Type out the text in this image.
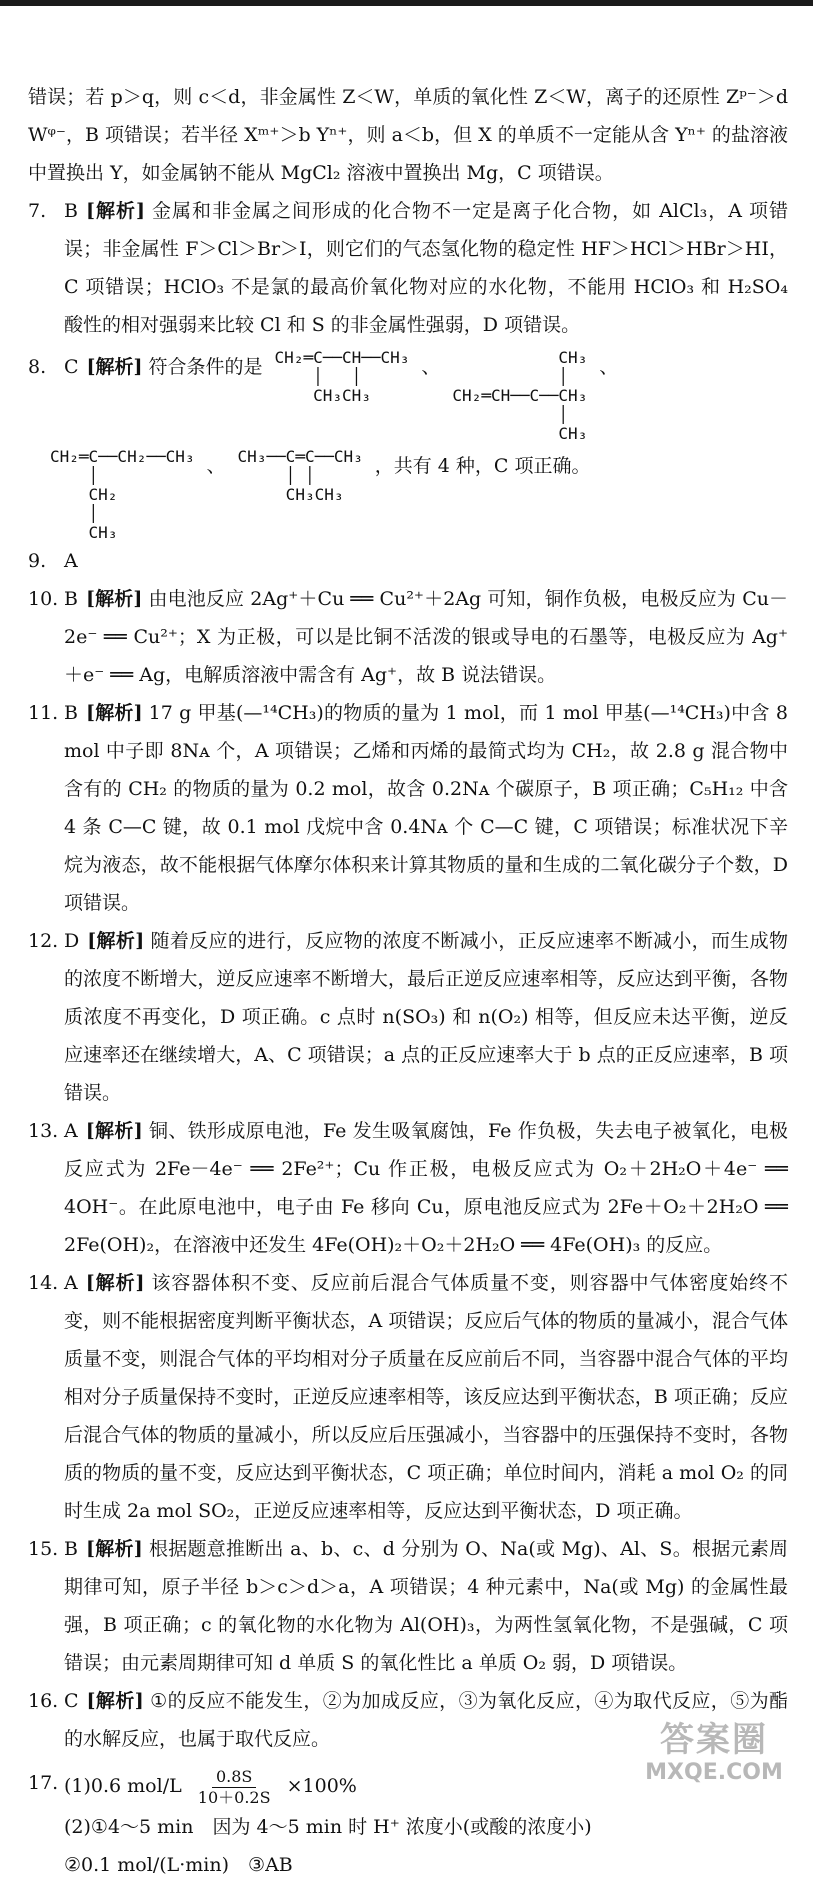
错误；若 p＞q，则 c＜d，非金属性 Z＜W，单质的氧化性 Z＜W，离子的还原性 Zᵖ⁻＞d Wᵠ⁻，B 项错误；若半径 Xᵐ⁺＞b Yⁿ⁺，则 a＜b，但 X 的单质不一定能从含 Yⁿ⁺ 的盐溶液中置换出 Y，如金属钠不能从 MgCl₂ 溶液中置换出 Mg，C 项错误。

7. B [解析] 金属和非金属之间形成的化合物不一定是离子化合物，如 AlCl₃，A 项错误；非金属性 F＞Cl＞Br＞I，则它们的气态氢化物的稳定性 HF＞HCl＞HBr＞HI，C 项错误；HClO₃ 不是氯的最高价氧化物对应的水化物，不能用 HClO₃ 和 H₂SO₄ 酸性的相对强弱来比较 Cl 和 S 的非金属性强弱，D 项错误。
8. C [解析] 符合条件的是 CH₂═C──CH──CH₃
│   │
CH₃CH₃
、	CH₃
│
CH₂═CH──C──CH₃
│
CH₃
、
CH₂═C──CH₂──CH₃
│
CH₂
│
CH₃
、 CH₃──C═C──CH₃
│ │
CH₃CH₃
，共有 4 种，C 项正确。
9. A
10. B [解析] 由电池反应 2Ag⁺＋Cu ══ Cu²⁺＋2Ag 可知，铜作负极，电极反应为 Cu－2e⁻ ══ Cu²⁺；X 为正极，可以是比铜不活泼的银或导电的石墨等，电极反应为 Ag⁺＋e⁻ ══ Ag，电解质溶液中需含有 Ag⁺，故 B 说法错误。
11. B [解析] 17 g 甲基(—¹⁴CH₃)的物质的量为 1 mol，而 1 mol 甲基(—¹⁴CH₃)中含 8 mol 中子即 8Nᴀ 个，A 项错误；乙烯和丙烯的最简式均为 CH₂，故 2.8 g 混合物中含有的 CH₂ 的物质的量为 0.2 mol，故含 0.2Nᴀ 个碳原子，B 项正确；C₅H₁₂ 中含 4 条 C—C 键，故 0.1 mol 戊烷中含 0.4Nᴀ 个 C—C 键，C 项错误；标准状况下辛烷为液态，故不能根据气体摩尔体积来计算其物质的量和生成的二氧化碳分子个数，D 项错误。
12. D [解析] 随着反应的进行，反应物的浓度不断减小，正反应速率不断减小，而生成物的浓度不断增大，逆反应速率不断增大，最后正逆反应速率相等，反应达到平衡，各物质浓度不再变化，D 项正确。c 点时 n(SO₃) 和 n(O₂) 相等，但反应未达平衡，逆反应速率还在继续增大，A、C 项错误；a 点的正反应速率大于 b 点的正反应速率，B 项错误。
13. A [解析] 铜、铁形成原电池，Fe 发生吸氧腐蚀，Fe 作负极，失去电子被氧化，电极反应式为 2Fe－4e⁻ ══ 2Fe²⁺；Cu 作正极，电极反应式为 O₂＋2H₂O＋4e⁻ ══ 4OH⁻。在此原电池中，电子由 Fe 移向 Cu，原电池反应式为 2Fe＋O₂＋2H₂O ══ 2Fe(OH)₂，在溶液中还发生 4Fe(OH)₂＋O₂＋2H₂O ══ 4Fe(OH)₃ 的反应。
14. A [解析] 该容器体积不变、反应前后混合气体质量不变，则容器中气体密度始终不变，则不能根据密度判断平衡状态，A 项错误；反应后气体的物质的量减小，混合气体质量不变，则混合气体的平均相对分子质量在反应前后不同，当容器中混合气体的平均相对分子质量保持不变时，正逆反应速率相等，该反应达到平衡状态，B 项正确；反应后混合气体的物质的量减小，所以反应后压强减小，当容器中的压强保持不变时，各物质的物质的量不变，反应达到平衡状态，C 项正确；单位时间内，消耗 a mol O₂ 的同时生成 2a mol SO₂，正逆反应速率相等，反应达到平衡状态，D 项正确。
15. B [解析] 根据题意推断出 a、b、c、d 分别为 O、Na(或 Mg)、Al、S。根据元素周期律可知，原子半径 b＞c＞d＞a，A 项错误；4 种元素中，Na(或 Mg) 的金属性最强，B 项正确；c 的氧化物的水化物为 Al(OH)₃，为两性氢氧化物，不是强碱，C 项错误；由元素周期律可知 d 单质 S 的氧化性比 a 单质 O₂ 弱，D 项错误。
16. C [解析] ①的反应不能发生，②为加成反应，③为氧化反应，④为取代反应，⑤为酯的水解反应，也属于取代反应。
17. (1)0.6 $mol/L \frac{0.8S}{10+0.2S} \times 100\%$
(2)①4～5 min　因为 4～5 min 时 H⁺ 浓度小(或酸的浓度小)
②0.1 mol/(L·min)　③AB
答案圈
MXQE.COM
